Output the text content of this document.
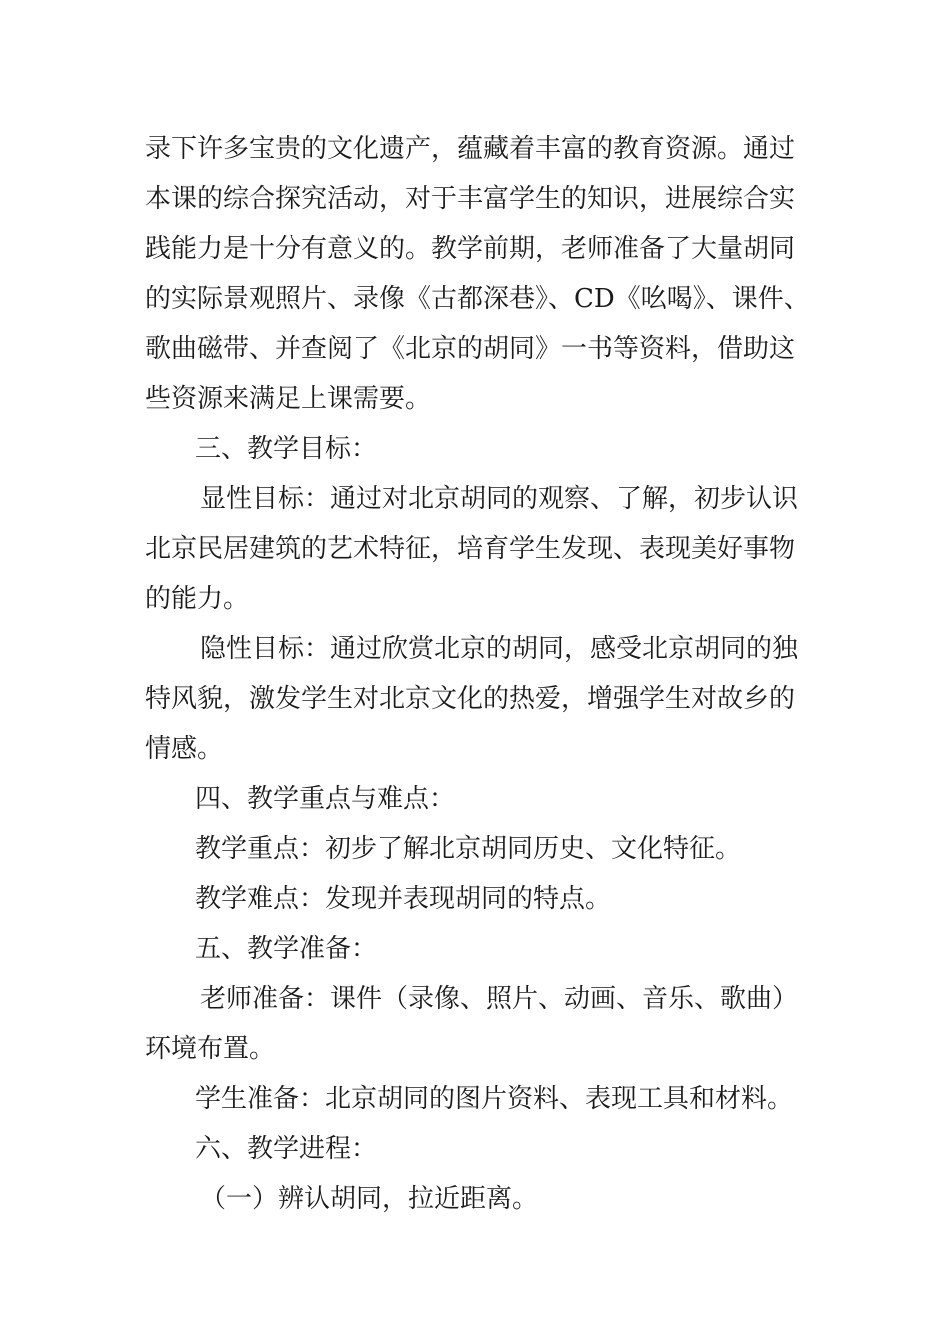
录下许多宝贵的文化遗产，蕴藏着丰富的教育资源。通过
本课的综合探究活动，对于丰富学生的知识，进展综合实
践能力是十分有意义的。教学前期，老师准备了大量胡同
的实际景观照片、录像《古都深巷》、CD《吆喝》、课件、
歌曲磁带、并查阅了《北京的胡同》一书等资料，借助这
些资源来满足上课需要。
三、教学目标：
显性目标：通过对北京胡同的观察、了解，初步认识
北京民居建筑的艺术特征，培育学生发现、表现美好事物
的能力。
隐性目标：通过欣赏北京的胡同，感受北京胡同的独
特风貌，激发学生对北京文化的热爱，增强学生对故乡的
情感。
四、教学重点与难点：
教学重点：初步了解北京胡同历史、文化特征。
教学难点：发现并表现胡同的特点。
五、教学准备：
老师准备：课件（录像、照片、动画、音乐、歌曲）
环境布置。
学生准备：北京胡同的图片资料、表现工具和材料。
六、教学进程：
（一）辨认胡同，拉近距离。
